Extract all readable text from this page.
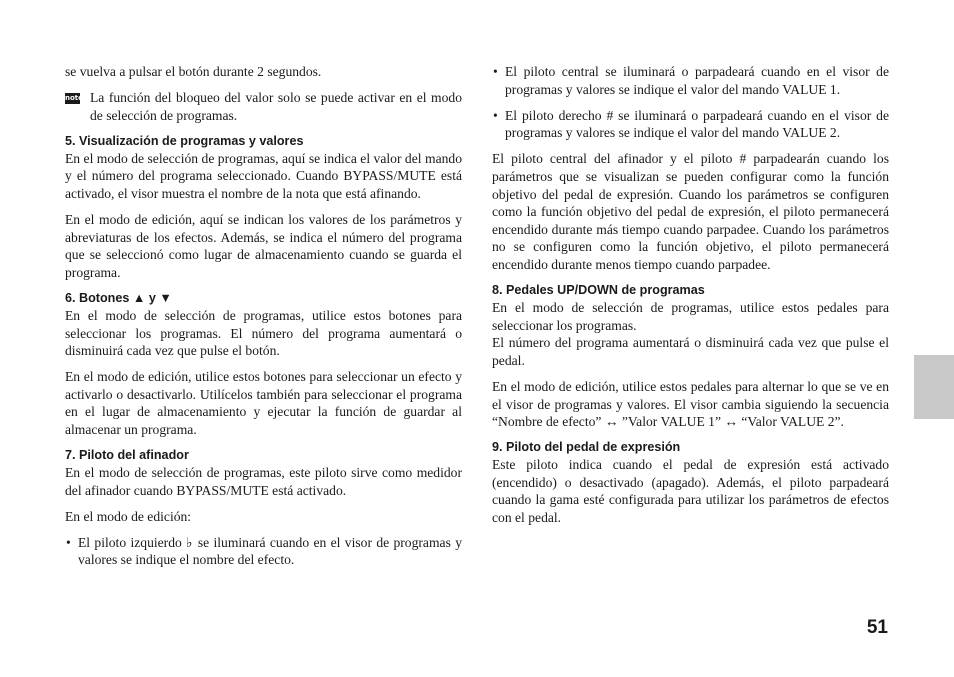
se vuelva a pulsar el botón durante 2 segundos.

note La función del bloqueo del valor solo se puede activar en el modo de selección de programas.
5. Visualización de programas y valores

En el modo de selección de programas, aquí se indica el valor del mando y el número del programa seleccionado. Cuando BYPASS/MUTE está activado, el visor muestra el nombre de la nota que está afinando.

En el modo de edición, aquí se indican los valores de los parámetros y abreviaturas de los efectos. Además, se indica el número del programa que se seleccionó como lugar de almacenamiento cuando se guarda el programa.

6. Botones ▲ y ▼

En el modo de selección de programas, utilice estos botones para seleccionar los programas. El número del programa aumentará o disminuirá cada vez que pulse el botón.

En el modo de edición, utilice estos botones para seleccionar un efecto y activarlo o desactivarlo. Utilícelos también para seleccionar el programa en el lugar de almacenamiento y ejecutar la función de guardar al almacenar un programa.

7. Piloto del afinador

En el modo de selección de programas, este piloto sirve como medidor del afinador cuando BYPASS/MUTE está activado.

En el modo de edición:

• El piloto izquierdo ♭ se iluminará cuando en el visor de programas y valores se indique el nombre del efecto.
• El piloto central se iluminará o parpadeará cuando en el visor de programas y valores se indique el valor del mando VALUE 1.
• El piloto derecho # se iluminará o parpadeará cuando en el visor de programas y valores se indique el valor del mando VALUE 2.

El piloto central del afinador y el piloto # parpadearán cuando los parámetros que se visualizan se pueden configurar como la función objetivo del pedal de expresión. Cuando los parámetros se configuren como la función objetivo del pedal de expresión, el piloto permanecerá encendido durante más tiempo cuando parpadee. Cuando los parámetros no se configuren como la función objetivo, el piloto permanecerá encendido durante menos tiempo cuando parpadee.

8. Pedales UP/DOWN de programas

En el modo de selección de programas, utilice estos pedales para seleccionar los programas.

El número del programa aumentará o disminuirá cada vez que pulse el pedal.

En el modo de edición, utilice estos pedales para alternar lo que se ve en el visor de programas y valores. El visor cambia siguiendo la secuencia “Nombre de efecto” ↔ ”Valor VALUE 1” ↔ “Valor VALUE 2”.

9. Piloto del pedal de expresión

Este piloto indica cuando el pedal de expresión está activado (encendido) o desactivado (apagado). Además, el piloto parpadeará cuando la gama esté configurada para utilizar los parámetros de efectos con el pedal.

51
